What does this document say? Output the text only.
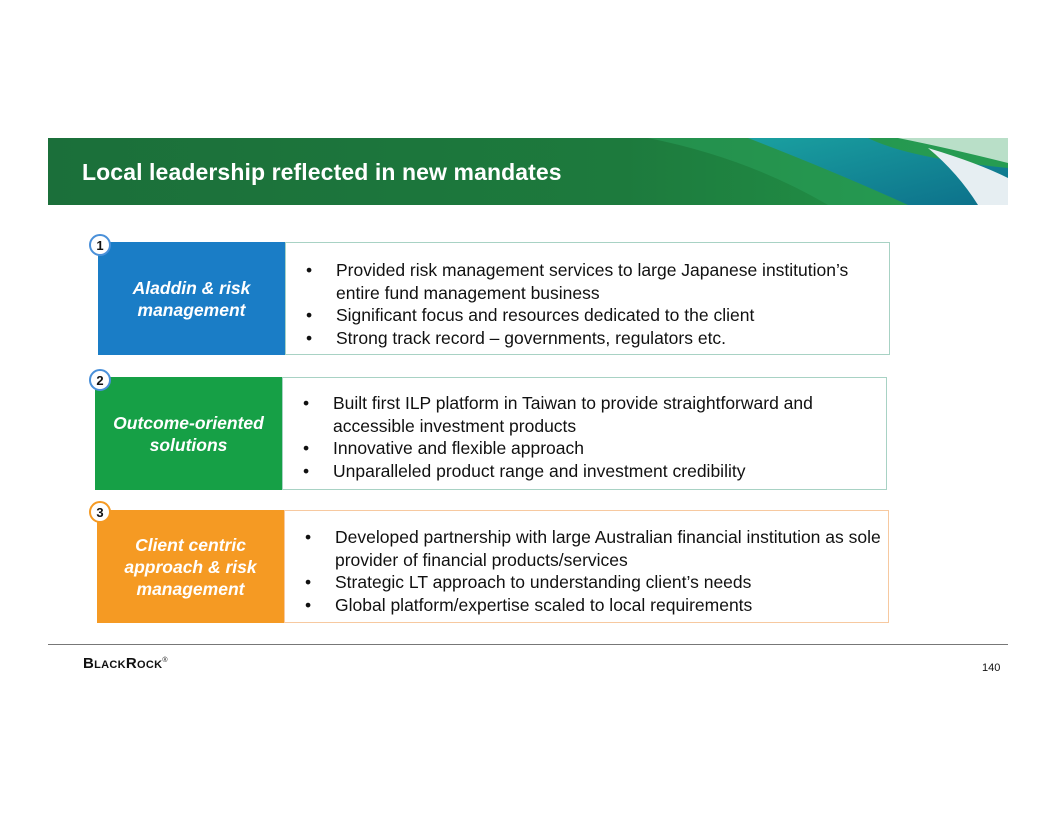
Local leadership reflected in new mandates
Aladdin & risk
management
• Provided risk management services to large Japanese institution’s entire fund management business
• Significant focus and resources dedicated to the client
• Strong track record – governments, regulators etc.
1
Outcome-oriented
solutions
• Built first ILP platform in Taiwan to provide straightforward and accessible investment products
• Innovative and flexible approach
• Unparalleled product range and investment credibility
2
Client centric
approach & risk
management
• Developed partnership with large Australian financial institution as sole provider of financial products/services
• Strategic LT approach to understanding client’s needs
• Global platform/expertise scaled to local requirements
3
BlackRock®
140
